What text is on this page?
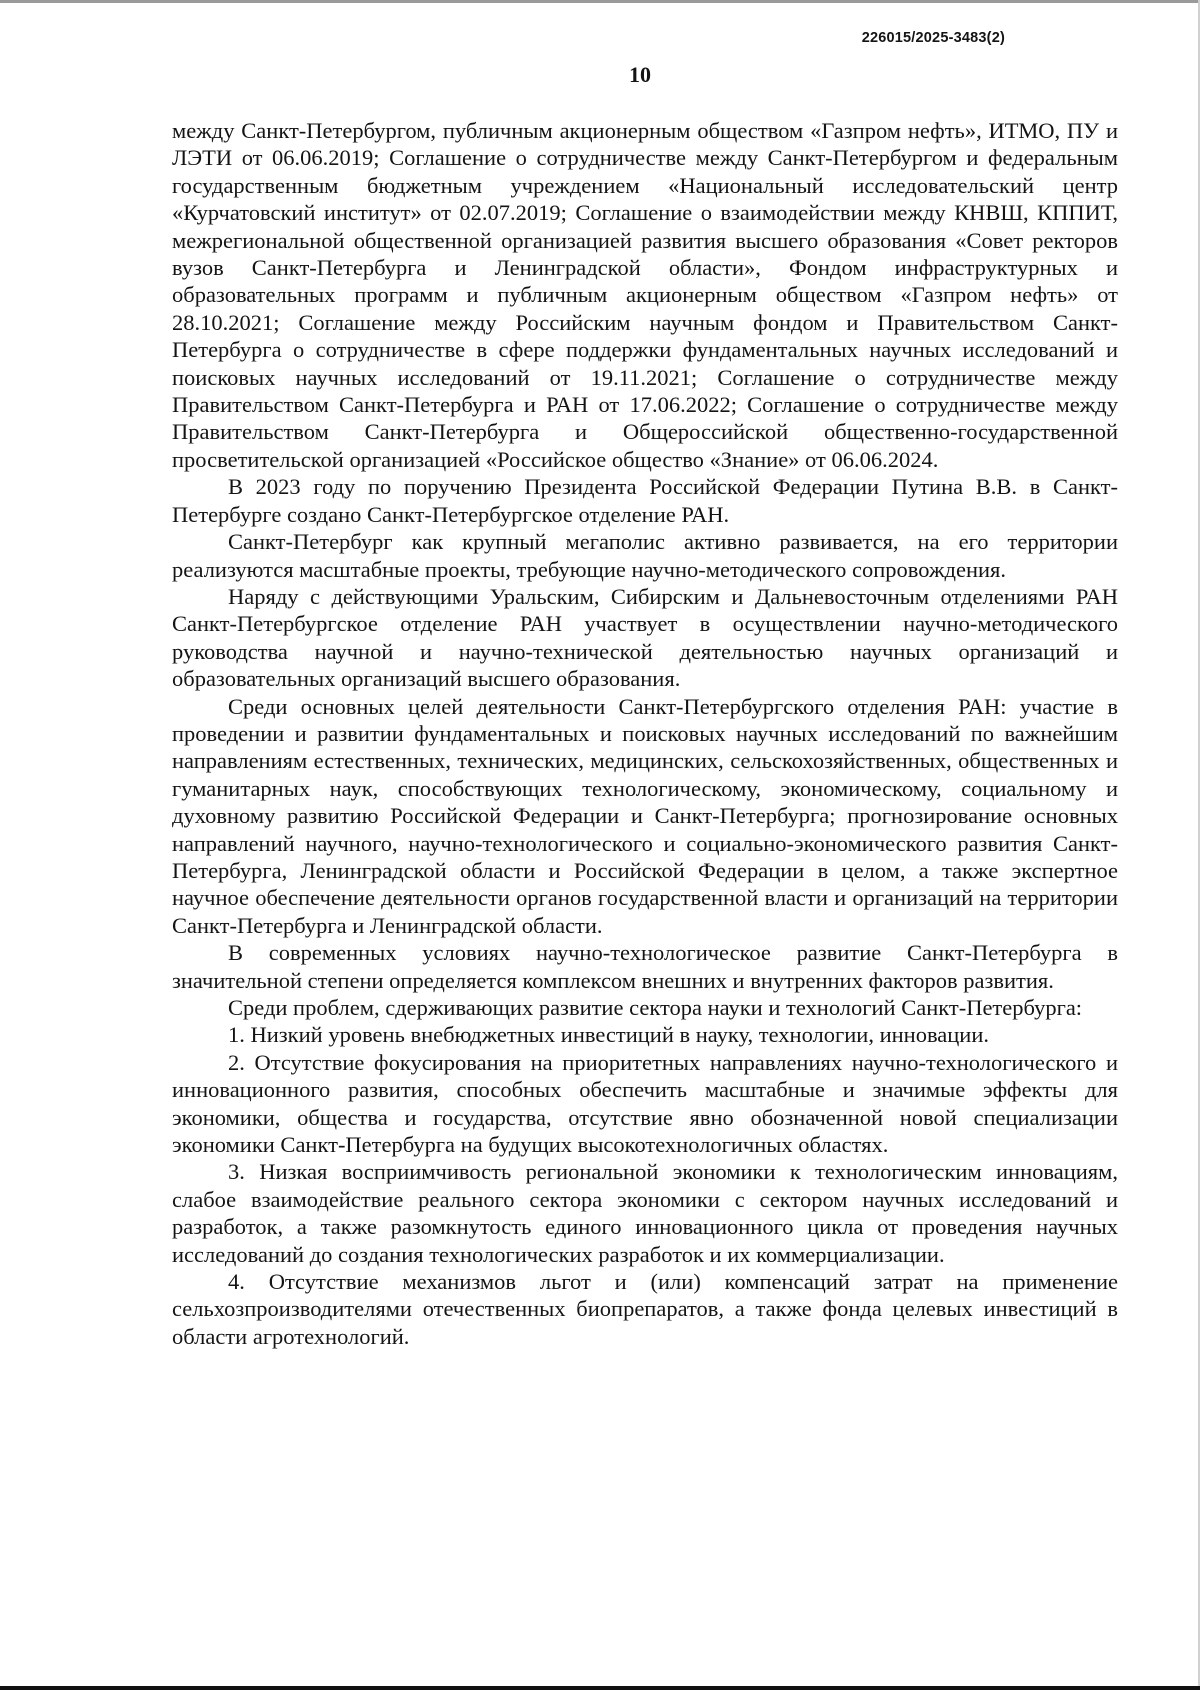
226015/2025-3483(2)
10

между Санкт-Петербургом, публичным акционерным обществом «Газпром нефть», ИТМО, ПУ и ЛЭТИ от 06.06.2019; Соглашение о сотрудничестве между Санкт-Петербургом и федеральным государственным бюджетным учреждением «Национальный исследовательский центр «Курчатовский институт» от 02.07.2019; Соглашение о взаимодействии между КНВШ, КППИТ, межрегиональной общественной организацией развития высшего образования «Совет ректоров вузов Санкт-Петербурга и Ленинградской области», Фондом инфраструктурных и образовательных программ и публичным акционерным обществом «Газпром нефть» от 28.10.2021; Соглашение между Российским научным фондом и Правительством Санкт-Петербурга о сотрудничестве в сфере поддержки фундаментальных научных исследований и поисковых научных исследований от 19.11.2021; Соглашение о сотрудничестве между Правительством Санкт-Петербурга и РАН от 17.06.2022; Соглашение о сотрудничестве между Правительством Санкт-Петербурга и Общероссийской общественно-государственной просветительской организацией «Российское общество «Знание» от 06.06.2024.

В 2023 году по поручению Президента Российской Федерации Путина В.В. в Санкт-Петербурге создано Санкт-Петербургское отделение РАН.

Санкт-Петербург как крупный мегаполис активно развивается, на его территории реализуются масштабные проекты, требующие научно-методического сопровождения.

Наряду с действующими Уральским, Сибирским и Дальневосточным отделениями РАН Санкт-Петербургское отделение РАН участвует в осуществлении научно-методического руководства научной и научно-технической деятельностью научных организаций и образовательных организаций высшего образования.

Среди основных целей деятельности Санкт-Петербургского отделения РАН: участие в проведении и развитии фундаментальных и поисковых научных исследований по важнейшим направлениям естественных, технических, медицинских, сельскохозяйственных, общественных и гуманитарных наук, способствующих технологическому, экономическому, социальному и духовному развитию Российской Федерации и Санкт-Петербурга; прогнозирование основных направлений научного, научно-технологического и социально-экономического развития Санкт-Петербурга, Ленинградской области и Российской Федерации в целом, а также экспертное научное обеспечение деятельности органов государственной власти и организаций на территории Санкт-Петербурга и Ленинградской области.

В современных условиях научно-технологическое развитие Санкт-Петербурга в значительной степени определяется комплексом внешних и внутренних факторов развития.

Среди проблем, сдерживающих развитие сектора науки и технологий Санкт-Петербурга:

1. Низкий уровень внебюджетных инвестиций в науку, технологии, инновации.

2. Отсутствие фокусирования на приоритетных направлениях научно-технологического и инновационного развития, способных обеспечить масштабные и значимые эффекты для экономики, общества и государства, отсутствие явно обозначенной новой специализации экономики Санкт-Петербурга на будущих высокотехнологичных областях.

3. Низкая восприимчивость региональной экономики к технологическим инновациям, слабое взаимодействие реального сектора экономики с сектором научных исследований и разработок, а также разомкнутость единого инновационного цикла от проведения научных исследований до создания технологических разработок и их коммерциализации.

4. Отсутствие механизмов льгот и (или) компенсаций затрат на применение сельхозпроизводителями отечественных биопрепаратов, а также фонда целевых инвестиций в области агротехнологий.
